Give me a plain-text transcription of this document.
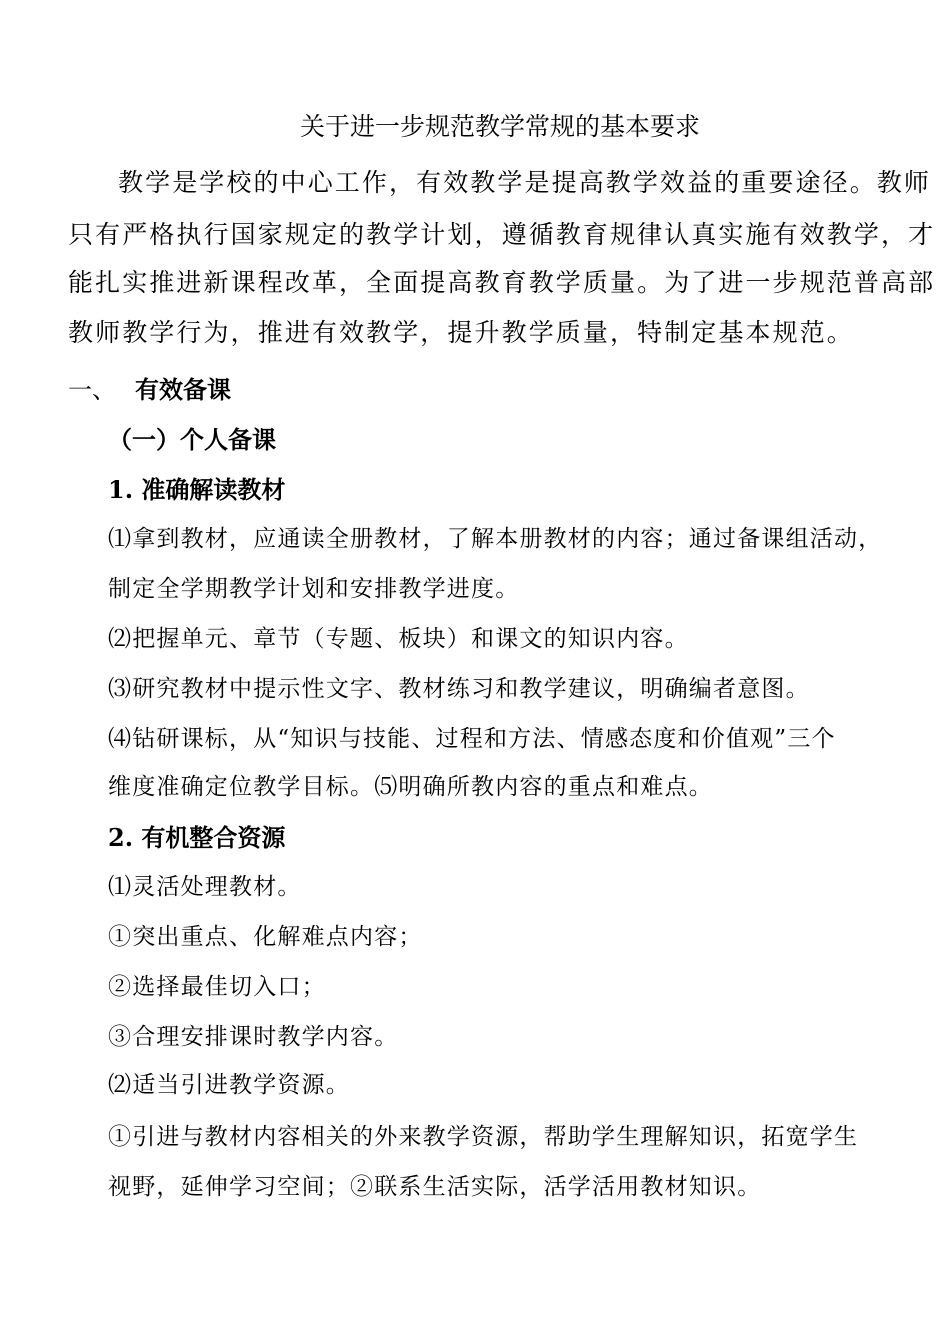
关于进一步规范教学常规的基本要求
教学是学校的中心工作，有效教学是提高教学效益的重要途径。教师
只有严格执行国家规定的教学计划，遵循教育规律认真实施有效教学，才
能扎实推进新课程改革，全面提高教育教学质量。为了进一步规范普高部
教师教学行为，推进有效教学，提升教学质量，特制定基本规范。
一、 有效备课
（一）个人备课
1. 准确解读教材
⑴拿到教材，应通读全册教材，了解本册教材的内容；通过备课组活动，
制定全学期教学计划和安排教学进度。
⑵把握单元、章节（专题、板块）和课文的知识内容。
⑶研究教材中提示性文字、教材练习和教学建议，明确编者意图。
⑷钻研课标，从“知识与技能、过程和方法、情感态度和价值观”三个
维度准确定位教学目标。⑸明确所教内容的重点和难点。
2. 有机整合资源
⑴灵活处理教材。
①突出重点、化解难点内容；
②选择最佳切入口；
③合理安排课时教学内容。
⑵适当引进教学资源。
①引进与教材内容相关的外来教学资源，帮助学生理解知识，拓宽学生
视野，延伸学习空间；②联系生活实际，活学活用教材知识。
